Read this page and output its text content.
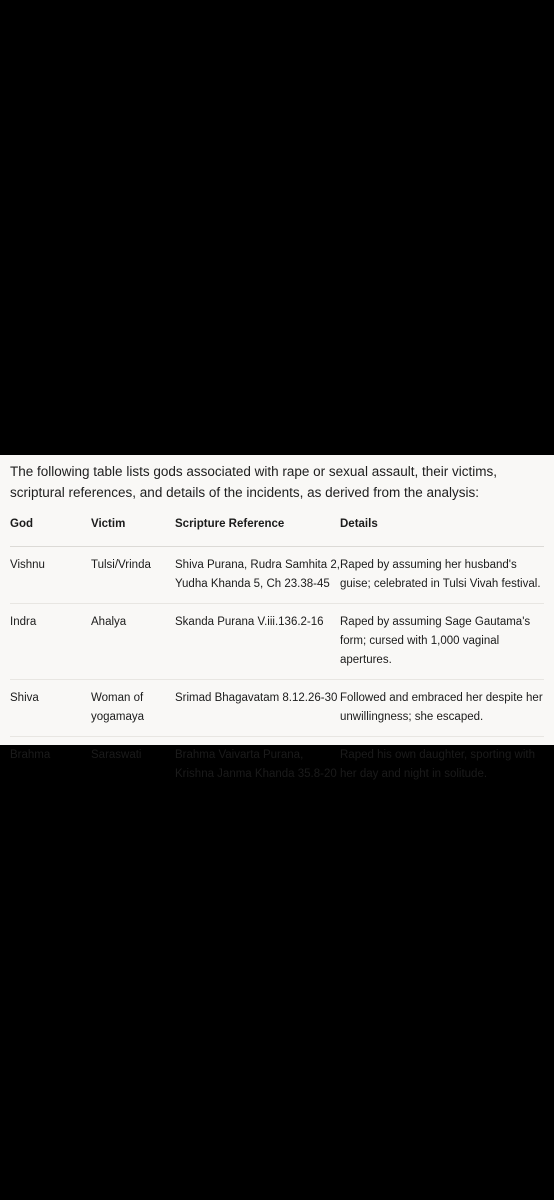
The following table lists gods associated with rape or sexual assault, their victims, scriptural references, and details of the incidents, as derived from the analysis:

God	Victim	Scripture Reference	Details
Vishnu	Tulsi/Vrinda	Shiva Purana, Rudra Samhita 2, Yudha Khanda 5, Ch 23.38-45	Raped by assuming her husband's guise; celebrated in Tulsi Vivah festival.
Indra	Ahalya	Skanda Purana V.iii.136.2-16	Raped by assuming Sage Gautama's form; cursed with 1,000 vaginal apertures.
Shiva	Woman of yogamaya	Srimad Bhagavatam 8.12.26-30	Followed and embraced her despite her unwillingness; she escaped.
Brahma	Saraswati	Brahma Vaivarta Purana, Krishna Janma Khanda 35.8-20	Raped his own daughter, sporting with her day and night in solitude.
